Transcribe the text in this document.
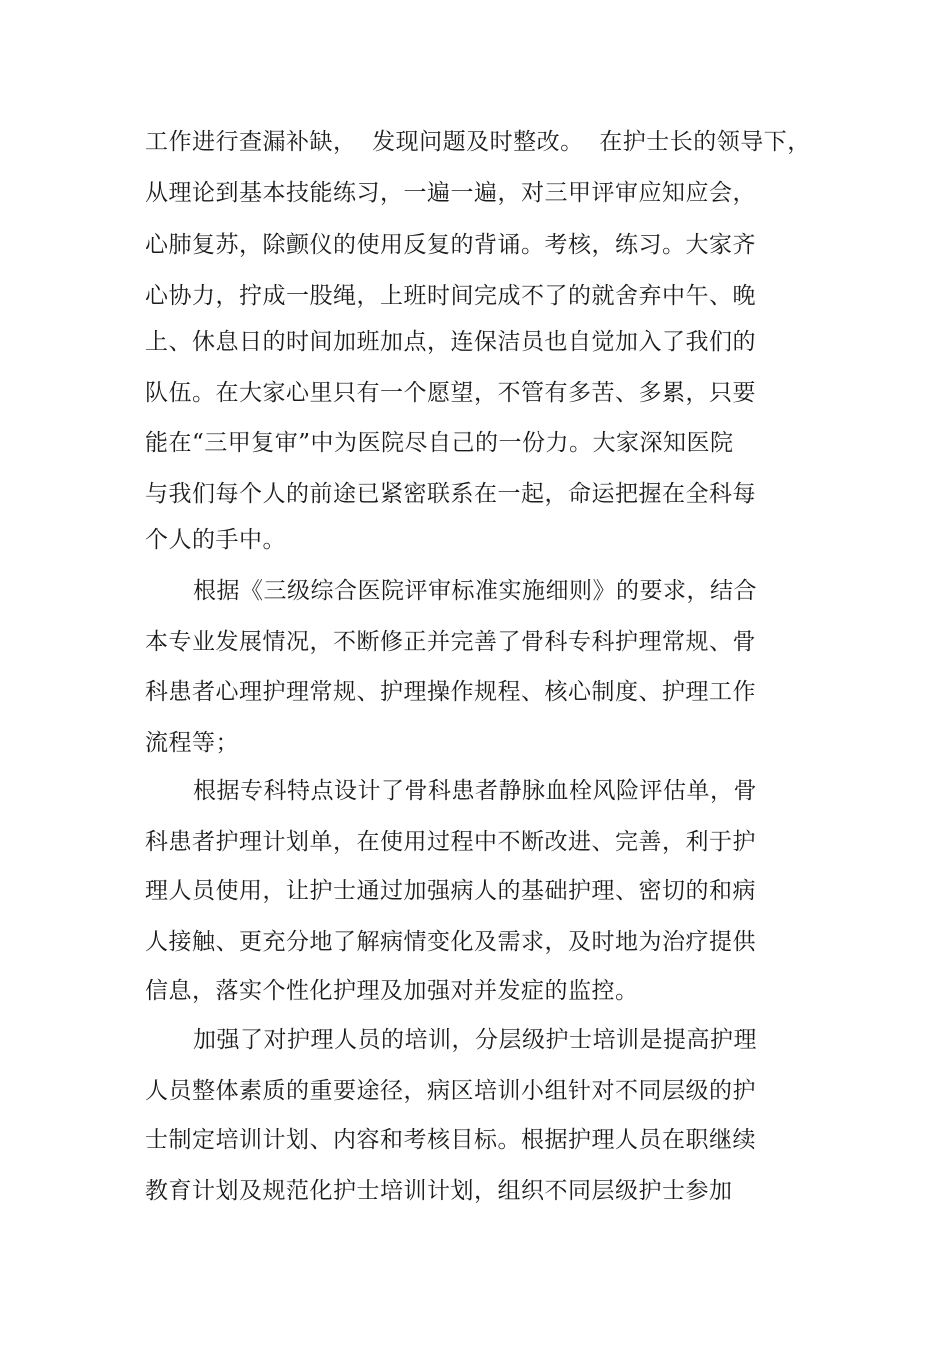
工作进行查漏补缺，  发现问题及时整改。  在护士长的领导下，
从理论到基本技能练习，一遍一遍，对三甲评审应知应会，
心肺复苏，除颤仪的使用反复的背诵。考核，练习。大家齐
心协力，拧成一股绳，上班时间完成不了的就舍弃中午、晚
上、休息日的时间加班加点，连保洁员也自觉加入了我们的
队伍。在大家心里只有一个愿望，不管有多苦、多累，只要
能在“三甲复审”中为医院尽自己的一份力。大家深知医院
与我们每个人的前途已紧密联系在一起，命运把握在全科每
个人的手中。
根据《三级综合医院评审标准实施细则》的要求，结合
本专业发展情况，不断修正并完善了骨科专科护理常规、骨
科患者心理护理常规、护理操作规程、核心制度、护理工作
流程等；
根据专科特点设计了骨科患者静脉血栓风险评估单，骨
科患者护理计划单，在使用过程中不断改进、完善，利于护
理人员使用，让护士通过加强病人的基础护理、密切的和病
人接触、更充分地了解病情变化及需求，及时地为治疗提供
信息，落实个性化护理及加强对并发症的监控。
加强了对护理人员的培训，分层级护士培训是提高护理
人员整体素质的重要途径，病区培训小组针对不同层级的护
士制定培训计划、内容和考核目标。根据护理人员在职继续
教育计划及规范化护士培训计划，组织不同层级护士参加
